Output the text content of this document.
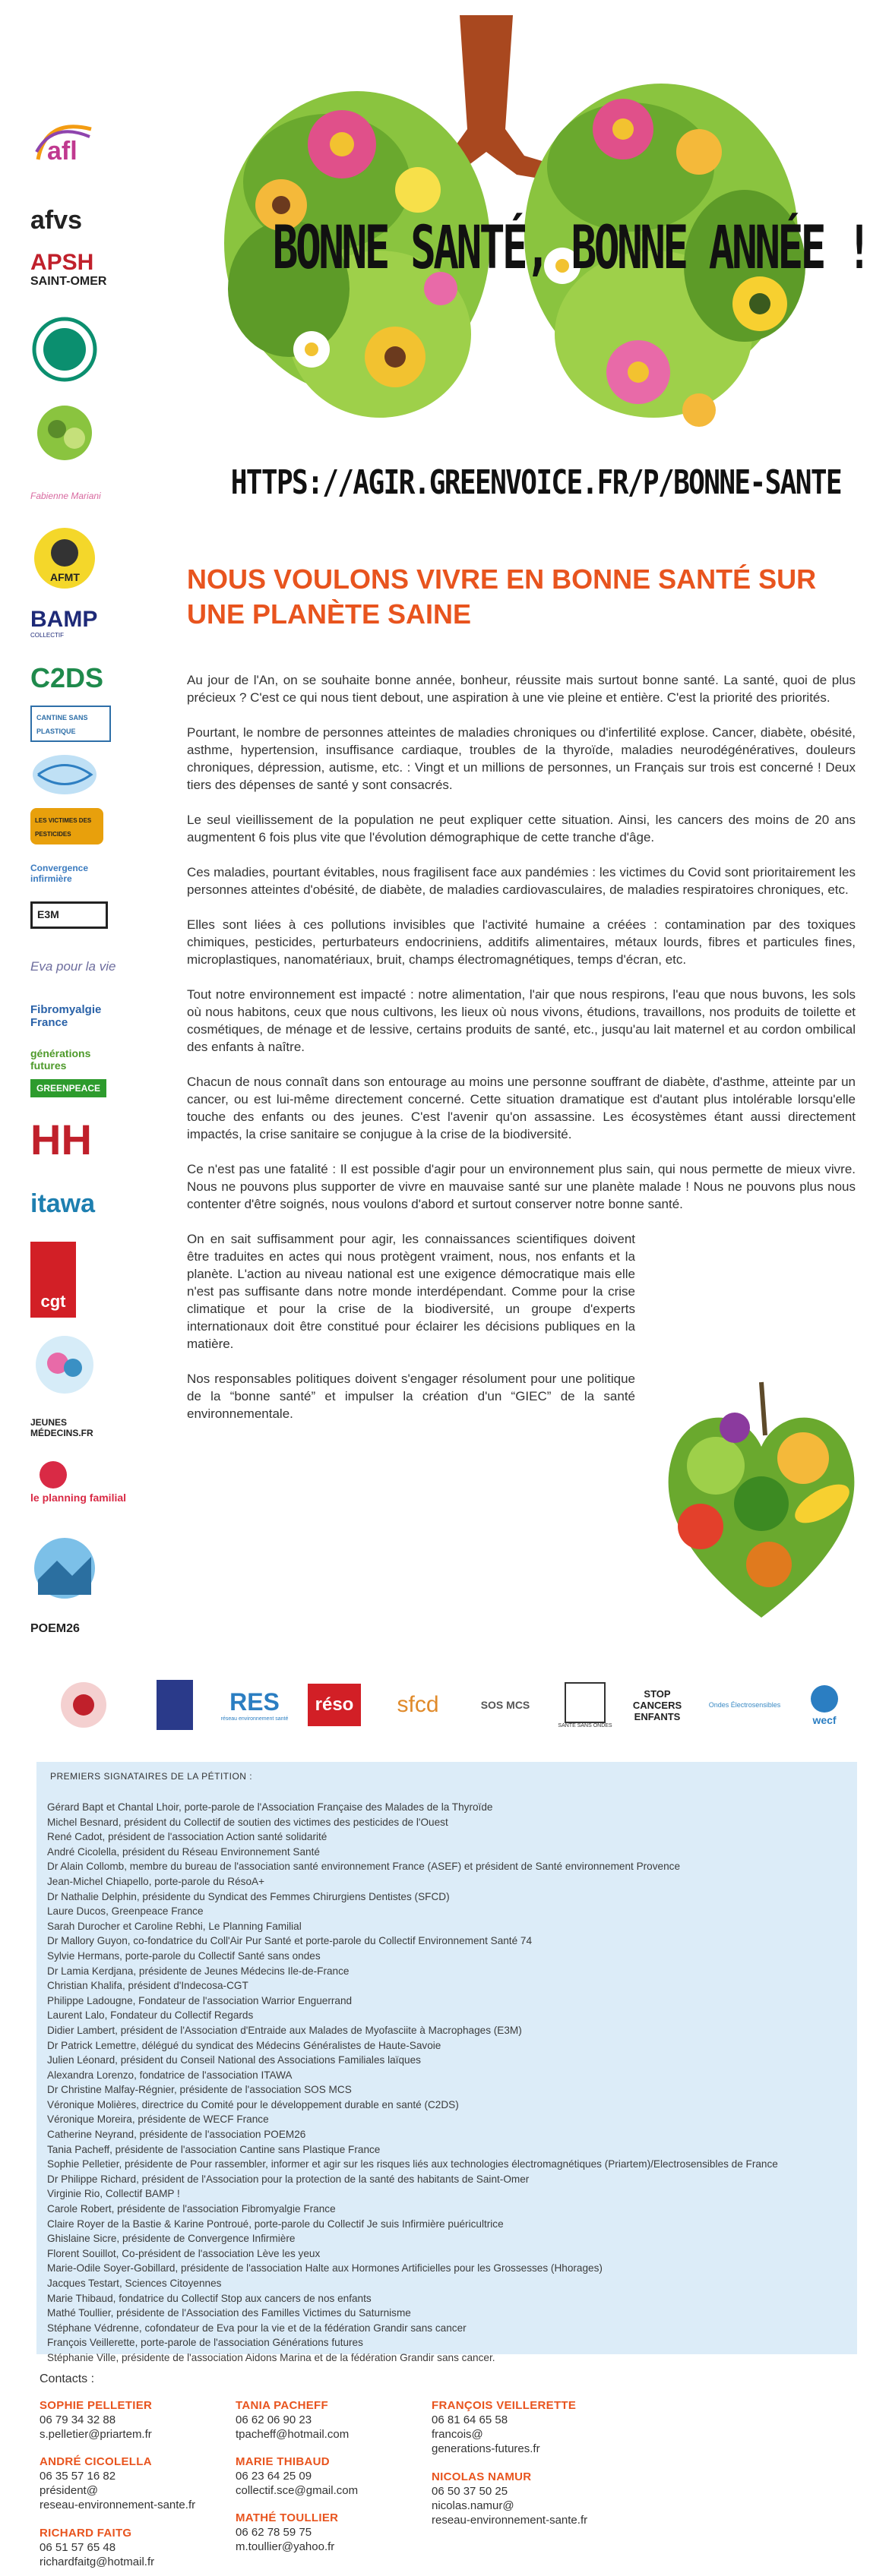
BONNE SANTÉ, BONNE ANNÉE !
HTTPS://AGIR.GREENVOICE.FR/P/BONNE-SANTE
afl
afvs
APSH
SAINT-OMER
Fabienne Mariani
AFMT
BAMP
COLLECTIF
C2DS
CANTINE SANS PLASTIQUE
LES VICTIMES DES PESTICIDES
Convergence infirmière
E3M
Eva pour la vie
Fibromyalgie France
générations futures
GREENPEACE
HH
itawa
cgt
JEUNES MÉDECINS.FR
le planning familial
POEM26
NOUS VOULONS VIVRE EN BONNE SANTÉ SUR UNE PLANÈTE SAINE

Au jour de l'An, on se souhaite bonne année, bonheur, réussite mais surtout bonne santé. La santé, quoi de plus précieux ? C'est ce qui nous tient debout, une aspiration à une vie pleine et entière. C'est la priorité des priorités.

Pourtant, le nombre de personnes atteintes de maladies chroniques ou d'infertilité explose. Cancer, diabète, obésité, asthme, hypertension, insuffisance cardiaque, troubles de la thyroïde, maladies neurodégénératives, douleurs chroniques, dépression, autisme, etc. : Vingt et un millions de personnes, un Français sur trois est concerné ! Deux tiers des dépenses de santé y sont consacrés.

Le seul vieillissement de la population ne peut expliquer cette situation. Ainsi, les cancers des moins de 20 ans augmentent 6 fois plus vite que l'évolution démographique de cette tranche d'âge.

Ces maladies, pourtant évitables, nous fragilisent face aux pandémies : les victimes du Covid sont prioritairement les personnes atteintes d'obésité, de diabète, de maladies cardiovasculaires, de maladies respiratoires chroniques, etc.

Elles sont liées à ces pollutions invisibles que l'activité humaine a créées : contamination par des toxiques chimiques, pesticides, perturbateurs endocriniens, additifs alimentaires, métaux lourds, fibres et particules fines, microplastiques, nanomatériaux, bruit, champs électromagnétiques, temps d'écran, etc.

Tout notre environnement est impacté : notre alimentation, l'air que nous respirons, l'eau que nous buvons, les sols où nous habitons, ceux que nous cultivons, les lieux où nous vivons, étudions, travaillons, nos produits de toilette et cosmétiques, de ménage et de lessive, certains produits de santé, etc., jusqu'au lait maternel et au cordon ombilical des enfants à naître.

Chacun de nous connaît dans son entourage au moins une personne souffrant de diabète, d'asthme, atteinte par un cancer, ou est lui-même directement concerné. Cette situation dramatique est d'autant plus intolérable lorsqu'elle touche des enfants ou des jeunes. C'est l'avenir qu'on assassine. Les écosystèmes étant aussi directement impactés, la crise sanitaire se conjugue à la crise de la biodiversité.

Ce n'est pas une fatalité : Il est possible d'agir pour un environnement plus sain, qui nous permette de mieux vivre. Nous ne pouvons plus supporter de vivre en mauvaise santé sur une planète malade ! Nous ne pouvons plus nous contenter d'être soignés, nous voulons d'abord et surtout conserver notre bonne santé.

On en sait suffisamment pour agir, les connaissances scientifiques doivent être traduites en actes qui nous protègent vraiment, nous, nos enfants et la planète. L'action au niveau national est une exigence démocratique mais elle n'est pas suffisante dans notre monde interdépendant. Comme pour la crise climatique et pour la crise de la biodiversité, un groupe d'experts internationaux doit être constitué pour éclairer les décisions publiques en la matière.

Nos responsables politiques doivent s'engager résolument pour une politique de la “bonne santé” et impulser la création d'un “GIEC” de la santé environnementale.

RES
réseau environnement santé
réso	sfcd	SOS MCS
SANTÉ SANS ONDES
STOP CANCERS ENFANTS
Ondes Électrosensibles
wecf

PREMIERS SIGNATAIRES DE LA PÉTITION :

Gérard Bapt et Chantal Lhoir, porte-parole de l'Association Française des Malades de la Thyroïde
Michel Besnard, président du Collectif de soutien des victimes des pesticides de l'Ouest
René Cadot, président de l'association Action santé solidarité
André Cicolella, président du Réseau Environnement Santé
Dr Alain Collomb, membre du bureau de l'association santé environnement France (ASEF) et président de Santé environnement Provence
Jean-Michel Chiapello, porte-parole du RésoA+
Dr Nathalie Delphin, présidente du Syndicat des Femmes Chirurgiens Dentistes (SFCD)
Laure Ducos, Greenpeace France
Sarah Durocher et Caroline Rebhi, Le Planning Familial
Dr Mallory Guyon, co-fondatrice du Coll'Air Pur Santé et porte-parole du Collectif Environnement Santé 74
Sylvie Hermans, porte-parole du Collectif Santé sans ondes
Dr Lamia Kerdjana, présidente de Jeunes Médecins Ile-de-France
Christian Khalifa, président d'Indecosa-CGT
Philippe Ladougne, Fondateur de l'association Warrior Enguerrand
Laurent Lalo, Fondateur du Collectif Regards
Didier Lambert, président de l'Association d'Entraide aux Malades de Myofasciite à Macrophages (E3M)
Dr Patrick Lemettre, délégué du syndicat des Médecins Généralistes de Haute-Savoie
Julien Léonard, président du Conseil National des Associations Familiales laïques
Alexandra Lorenzo, fondatrice de l'association ITAWA
Dr Christine Malfay-Régnier, présidente de l'association SOS MCS
Véronique Molières, directrice du Comité pour le développement durable en santé (C2DS)
Véronique Moreira, présidente de WECF France
Catherine Neyrand, présidente de l'association POEM26
Tania Pacheff, présidente de l'association Cantine sans Plastique France
Sophie Pelletier, présidente de Pour rassembler, informer et agir sur les risques liés aux technologies électromagnétiques (Priartem)/Electrosensibles de France
Dr Philippe Richard, président de l'Association pour la protection de la santé des habitants de Saint-Omer
Virginie Rio, Collectif BAMP !
Carole Robert, présidente de l'association Fibromyalgie France
Claire Royer de la Bastie & Karine Pontroué, porte-parole du Collectif Je suis Infirmière puéricultrice
Ghislaine Sicre, présidente de Convergence Infirmière
Florent Souillot, Co-président de l'association Lève les yeux
Marie-Odile Soyer-Gobillard, présidente de l'association Halte aux Hormones Artificielles pour les Grossesses (Hhorages)
Jacques Testart, Sciences Citoyennes
Marie Thibaud, fondatrice du Collectif Stop aux cancers de nos enfants
Mathé Toullier, présidente de l'Association des Familles Victimes du Saturnisme
Stéphane Védrenne, cofondateur de Eva pour la vie et de la fédération Grandir sans cancer
François Veillerette, porte-parole de l'association Générations futures
Stéphanie Ville, présidente de l'association Aidons Marina et de la fédération Grandir sans cancer.

Contacts :

SOPHIE PELLETIER
06 79 34 32 88
s.pelletier@priartem.fr
ANDRÉ CICOLELLA
06 35 57 16 82
président@
reseau-environnement-sante.fr
RICHARD FAITG
06 51 57 65 48
richardfaitg@hotmail.fr
TANIA PACHEFF
06 62 06 90 23
tpacheff@hotmail.com
MARIE THIBAUD
06 23 64 25 09
collectif.sce@gmail.com
MATHÉ TOULLIER
06 62 78 59 75
m.toullier@yahoo.fr
FRANÇOIS VEILLERETTE
06 81 64 65 58
francois@
generations-futures.fr
NICOLAS NAMUR
06 50 37 50 25
nicolas.namur@
reseau-environnement-sante.fr
